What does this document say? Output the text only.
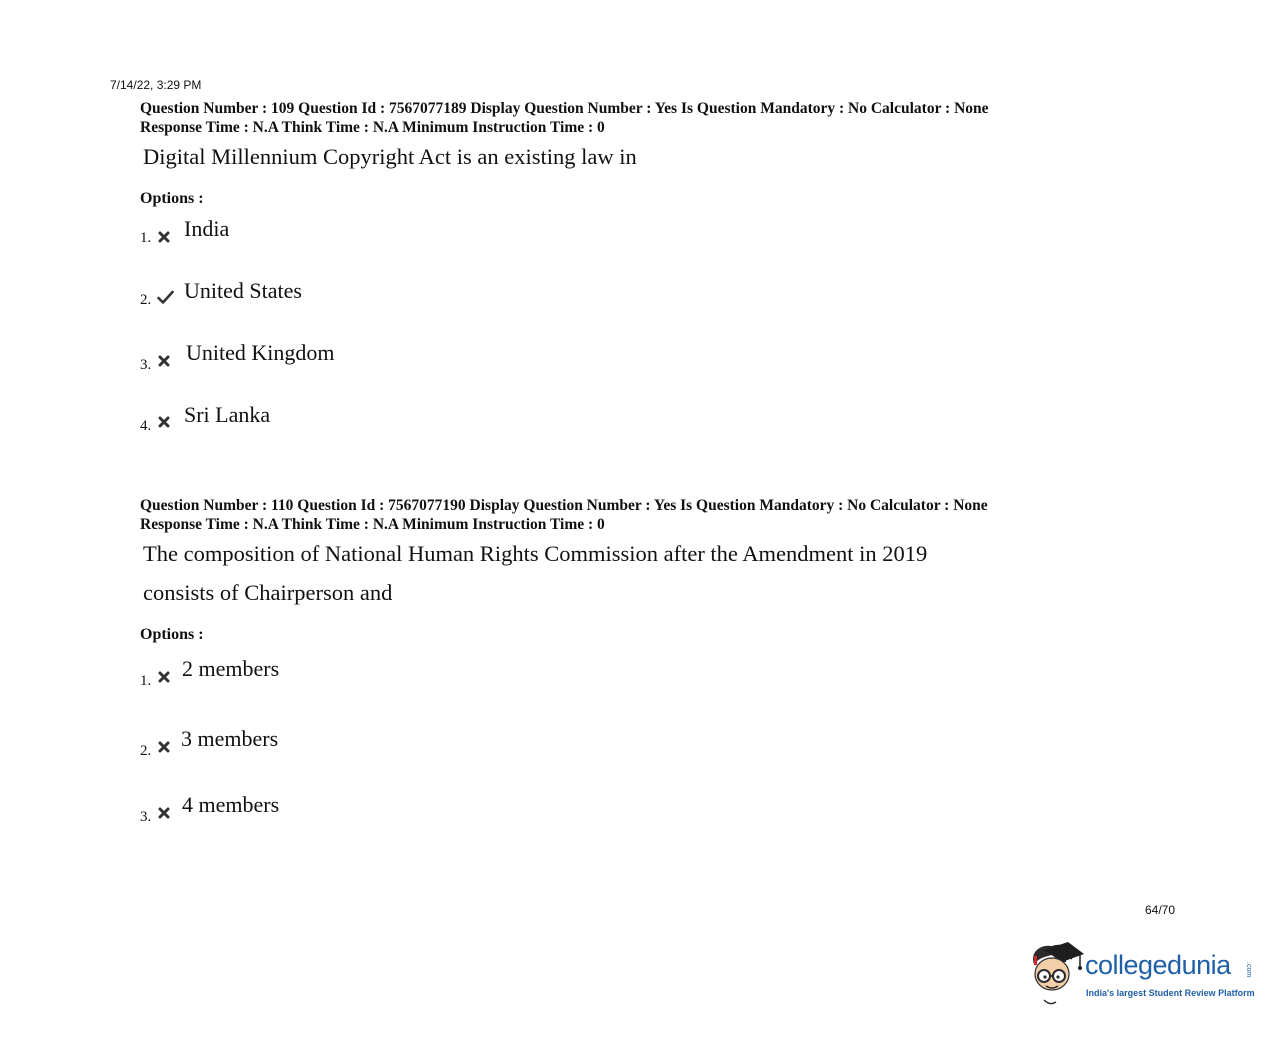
7/14/22, 3:29 PM
Question Number : 109 Question Id : 7567077189 Display Question Number : Yes Is Question Mandatory : No Calculator : None
Response Time : N.A Think Time : N.A Minimum Instruction Time : 0
Digital Millennium Copyright Act is an existing law in
Options :
1. India
2. United States
3. United Kingdom
4. Sri Lanka
Question Number : 110 Question Id : 7567077190 Display Question Number : Yes Is Question Mandatory : No Calculator : None
Response Time : N.A Think Time : N.A Minimum Instruction Time : 0
The composition of National Human Rights Commission after the Amendment in 2019
consists of Chairperson and
Options :
1. 2 members
2. 3 members
3. 4 members
64/70
collegedunia .com
India's largest Student Review Platform
